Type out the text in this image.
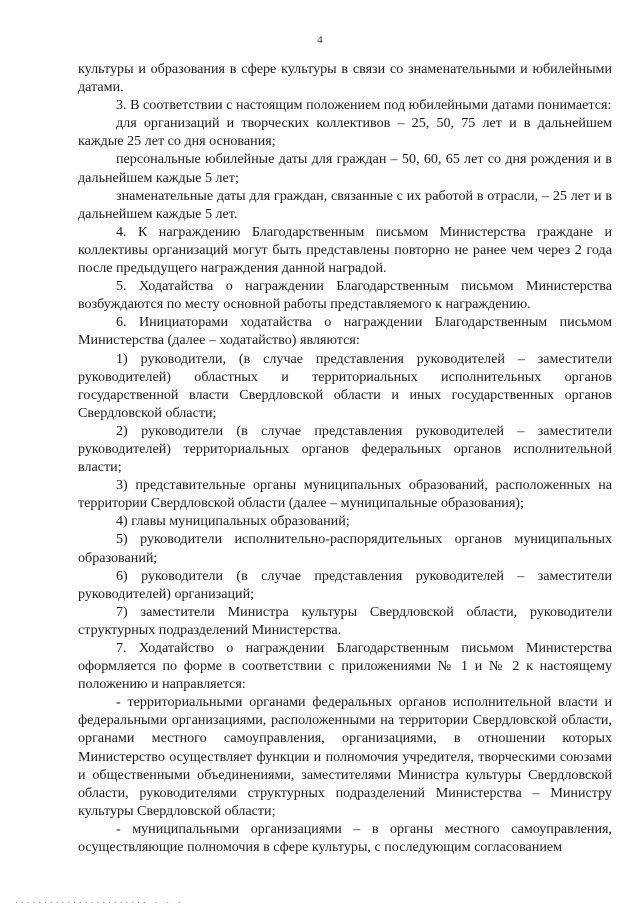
4

культуры и образования в сфере культуры в связи со знаменательными и юбилейными датами.

3. В соответствии с настоящим положением под юбилейными датами понимается:

для организаций и творческих коллективов – 25, 50, 75 лет и в дальнейшем каждые 25 лет со дня основания;

персональные юбилейные даты для граждан – 50, 60, 65 лет со дня рождения и в дальнейшем каждые 5 лет;

знаменательные даты для граждан, связанные с их работой в отрасли, – 25 лет и в дальнейшем каждые 5 лет.

4. К награждению Благодарственным письмом Министерства граждане и коллективы организаций могут быть представлены повторно не ранее чем через 2 года после предыдущего награждения данной наградой.

5. Ходатайства о награждении Благодарственным письмом Министерства возбуждаются по месту основной работы представляемого к награждению.

6. Инициаторами ходатайства о награждении Благодарственным письмом Министерства (далее – ходатайство) являются:

1) руководители, (в случае представления руководителей – заместители руководителей) областных и территориальных исполнительных органов государственной власти Свердловской области и иных государственных органов Свердловской области;

2) руководители (в случае представления руководителей – заместители руководителей) территориальных органов федеральных органов исполнительной власти;

3) представительные органы муниципальных образований, расположенных на территории Свердловской области (далее – муниципальные образования);

4) главы муниципальных образований;

5) руководители исполнительно-распорядительных органов муниципальных образований;

6) руководители (в случае представления руководителей – заместители руководителей) организаций;

7) заместители Министра культуры Свердловской области, руководители структурных подразделений Министерства.

7. Ходатайство о награждении Благодарственным письмом Министерства оформляется по форме в соответствии с приложениями № 1 и № 2 к настоящему положению и направляется:

- территориальными органами федеральных органов исполнительной власти и федеральными организациями, расположенными на территории Свердловской области, органами местного самоуправления, организациями, в отношении которых Министерство осуществляет функции и полномочия учредителя, творческими союзами и общественными объединениями, заместителями Министра культуры Свердловской области, руководителями структурных подразделений Министерства – Министру культуры Свердловской области;

- муниципальными организациями – в органы местного самоуправления, осуществляющие полномочия в сфере культуры, с последующим согласованием

....................... . . .
